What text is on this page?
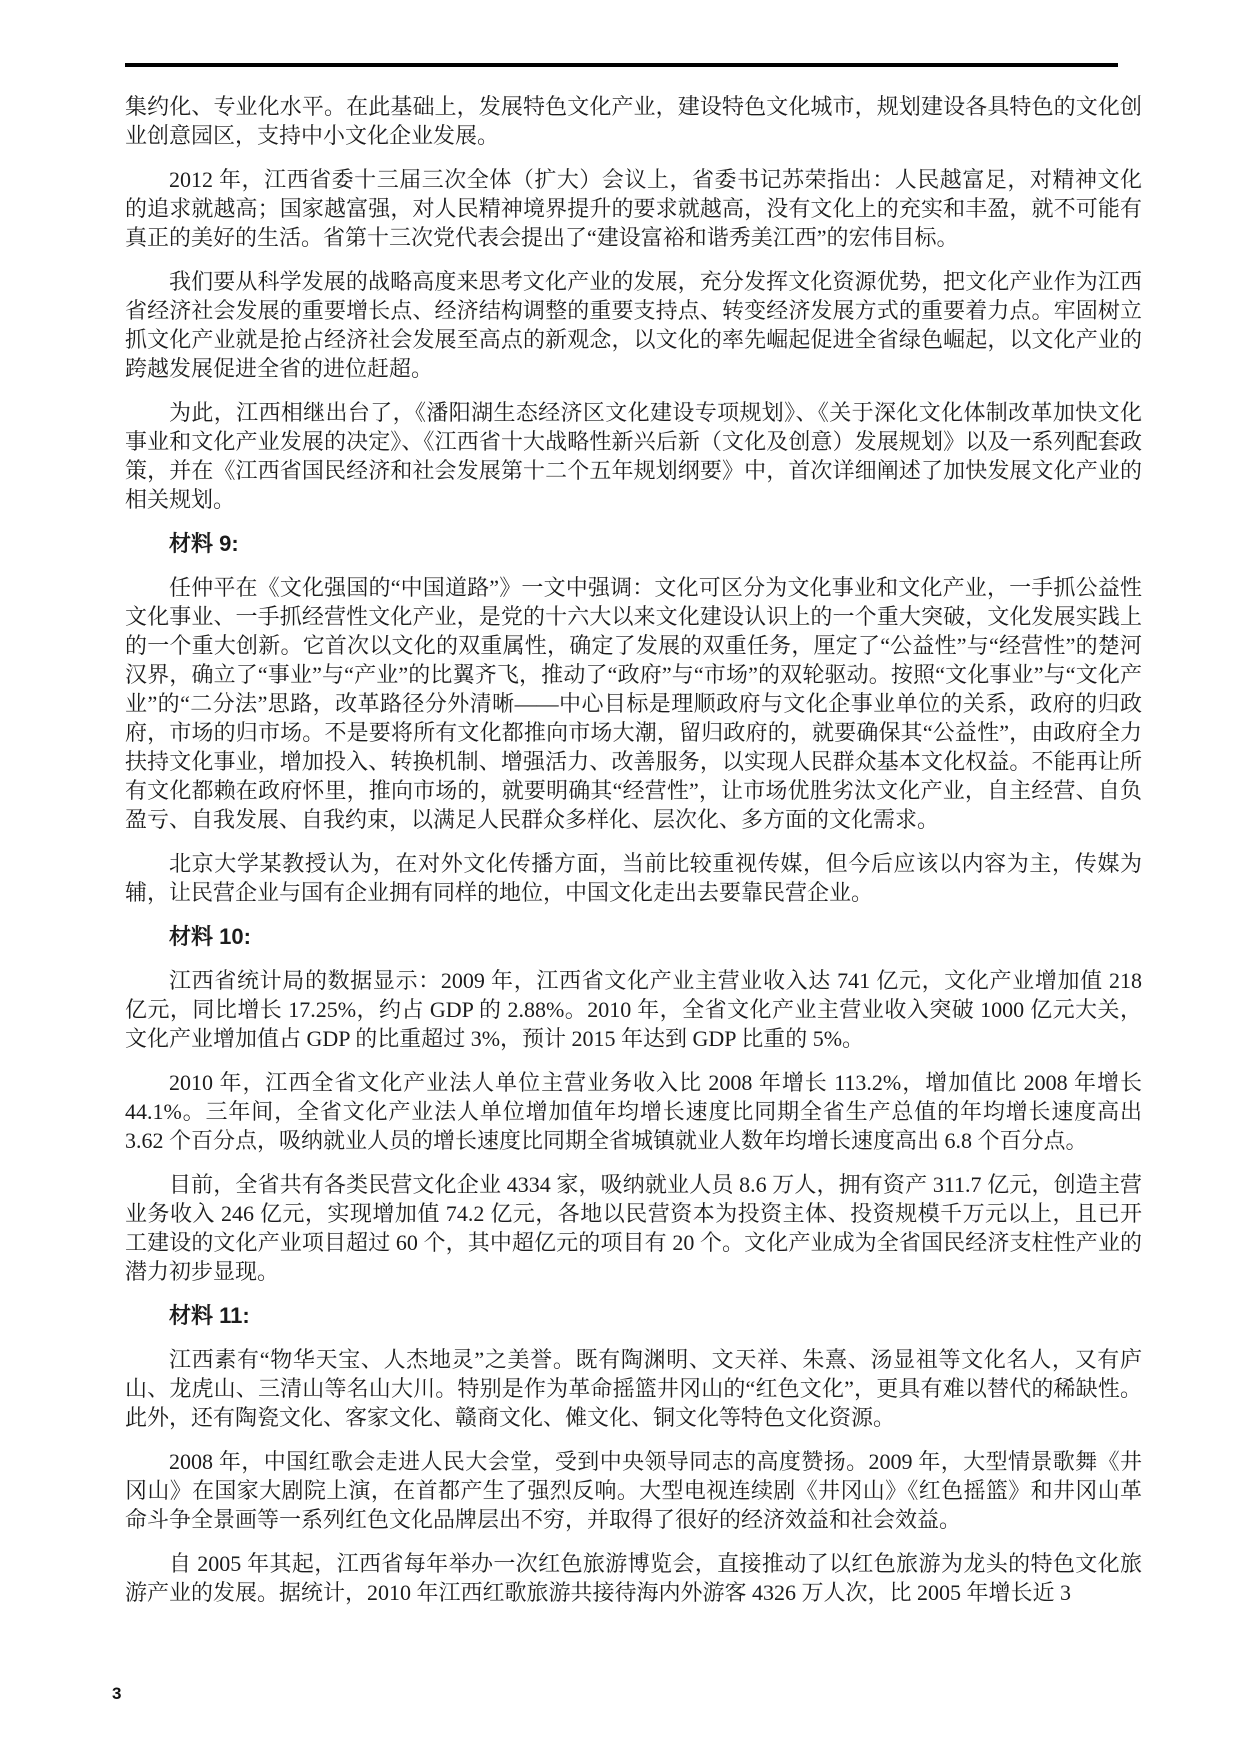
集约化、专业化水平。在此基础上，发展特色文化产业，建设特色文化城市，规划建设各具特色的文化创业创意园区，支持中小文化企业发展。

2012 年，江西省委十三届三次全体（扩大）会议上，省委书记苏荣指出：人民越富足，对精神文化的追求就越高；国家越富强，对人民精神境界提升的要求就越高，没有文化上的充实和丰盈，就不可能有真正的美好的生活。省第十三次党代表会提出了“建设富裕和谐秀美江西”的宏伟目标。

我们要从科学发展的战略高度来思考文化产业的发展，充分发挥文化资源优势，把文化产业作为江西省经济社会发展的重要增长点、经济结构调整的重要支持点、转变经济发展方式的重要着力点。牢固树立抓文化产业就是抢占经济社会发展至高点的新观念，以文化的率先崛起促进全省绿色崛起，以文化产业的跨越发展促进全省的进位赶超。

为此，江西相继出台了，《潘阳湖生态经济区文化建设专项规划》、《关于深化文化体制改革加快文化事业和文化产业发展的决定》、《江西省十大战略性新兴后新（文化及创意）发展规划》以及一系列配套政策，并在《江西省国民经济和社会发展第十二个五年规划纲要》中，首次详细阐述了加快发展文化产业的相关规划。

材料 9:

任仲平在《文化强国的“中国道路”》一文中强调：文化可区分为文化事业和文化产业，一手抓公益性文化事业、一手抓经营性文化产业，是党的十六大以来文化建设认识上的一个重大突破，文化发展实践上的一个重大创新。它首次以文化的双重属性，确定了发展的双重任务，厘定了“公益性”与“经营性”的楚河汉界，确立了“事业”与“产业”的比翼齐飞，推动了“政府”与“市场”的双轮驱动。按照“文化事业”与“文化产业”的“二分法”思路，改革路径分外清晰——中心目标是理顺政府与文化企事业单位的关系，政府的归政府，市场的归市场。不是要将所有文化都推向市场大潮，留归政府的，就要确保其“公益性”，由政府全力扶持文化事业，增加投入、转换机制、增强活力、改善服务，以实现人民群众基本文化权益。不能再让所有文化都赖在政府怀里，推向市场的，就要明确其“经营性”，让市场优胜劣汰文化产业，自主经营、自负盈亏、自我发展、自我约束，以满足人民群众多样化、层次化、多方面的文化需求。

北京大学某教授认为，在对外文化传播方面，当前比较重视传媒，但今后应该以内容为主，传媒为辅，让民营企业与国有企业拥有同样的地位，中国文化走出去要靠民营企业。

材料 10:

江西省统计局的数据显示：2009 年，江西省文化产业主营业收入达 741 亿元，文化产业增加值 218 亿元，同比增长 17.25%，约占 GDP 的 2.88%。2010 年，全省文化产业主营业收入突破 1000 亿元大关，文化产业增加值占 GDP 的比重超过 3%，预计 2015 年达到 GDP 比重的 5%。

2010 年，江西全省文化产业法人单位主营业务收入比 2008 年增长 113.2%，增加值比 2008 年增长 44.1%。三年间，全省文化产业法人单位增加值年均增长速度比同期全省生产总值的年均增长速度高出 3.62 个百分点，吸纳就业人员的增长速度比同期全省城镇就业人数年均增长速度高出 6.8 个百分点。

目前，全省共有各类民营文化企业 4334 家，吸纳就业人员 8.6 万人，拥有资产 311.7 亿元，创造主营业务收入 246 亿元，实现增加值 74.2 亿元，各地以民营资本为投资主体、投资规模千万元以上，且已开工建设的文化产业项目超过 60 个，其中超亿元的项目有 20 个。文化产业成为全省国民经济支柱性产业的潜力初步显现。

材料 11:

江西素有“物华天宝、人杰地灵”之美誉。既有陶渊明、文天祥、朱熹、汤显祖等文化名人，又有庐山、龙虎山、三清山等名山大川。特别是作为革命摇篮井冈山的“红色文化”，更具有难以替代的稀缺性。此外，还有陶瓷文化、客家文化、赣商文化、傩文化、铜文化等特色文化资源。

2008 年，中国红歌会走进人民大会堂，受到中央领导同志的高度赞扬。2009 年，大型情景歌舞《井冈山》在国家大剧院上演，在首都产生了强烈反响。大型电视连续剧《井冈山》《红色摇篮》和井冈山革命斗争全景画等一系列红色文化品牌层出不穷，并取得了很好的经济效益和社会效益。

自 2005 年其起，江西省每年举办一次红色旅游博览会，直接推动了以红色旅游为龙头的特色文化旅游产业的发展。据统计，2010 年江西红歌旅游共接待海内外游客 4326 万人次，比 2005 年增长近 3

3
